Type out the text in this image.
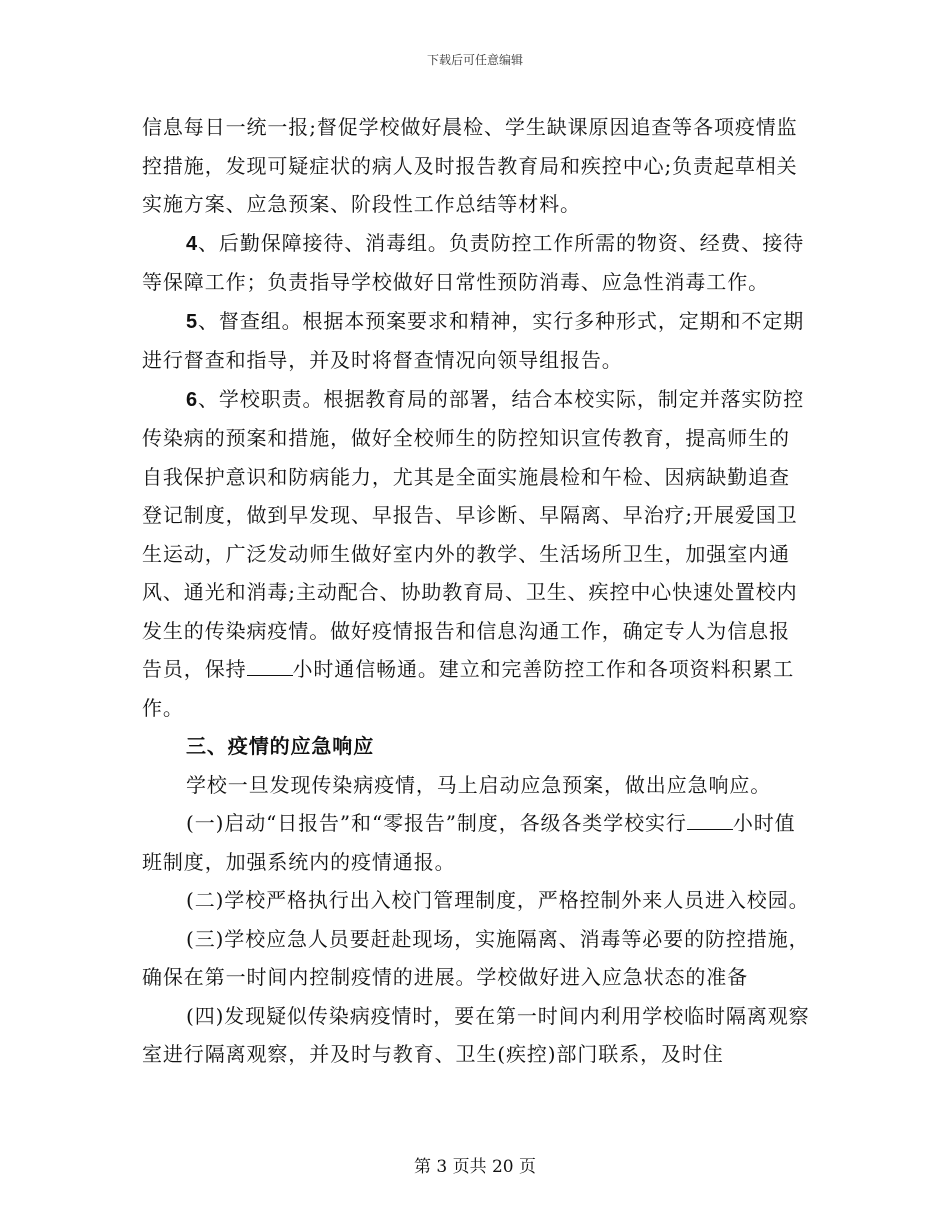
下载后可任意编辑

信息每日一统一报;督促学校做好晨检、学生缺课原因追查等各项疫情监控措施，发现可疑症状的病人及时报告教育局和疾控中心;负责起草相关实施方案、应急预案、阶段性工作总结等材料。

4、后勤保障接待、消毒组。负责防控工作所需的物资、经费、接待等保障工作；负责指导学校做好日常性预防消毒、应急性消毒工作。

5、督查组。根据本预案要求和精神，实行多种形式，定期和不定期进行督查和指导，并及时将督查情况向领导组报告。

6、学校职责。根据教育局的部署，结合本校实际，制定并落实防控传染病的预案和措施，做好全校师生的防控知识宣传教育，提高师生的自我保护意识和防病能力，尤其是全面实施晨检和午检、因病缺勤追查登记制度，做到早发现、早报告、早诊断、早隔离、早治疗;开展爱国卫生运动，广泛发动师生做好室内外的教学、生活场所卫生，加强室内通风、通光和消毒;主动配合、协助教育局、卫生、疾控中心快速处置校内发生的传染病疫情。做好疫情报告和信息沟通工作，确定专人为信息报告员，保持 小时通信畅通。建立和完善防控工作和各项资料积累工作。

三、疫情的应急响应

学校一旦发现传染病疫情，马上启动应急预案，做出应急响应。

(一)启动“日报告”和“零报告”制度，各级各类学校实行 小时值班制度，加强系统内的疫情通报。

(二)学校严格执行出入校门管理制度，严格控制外来人员进入校园。

(三)学校应急人员要赶赴现场，实施隔离、消毒等必要的防控措施，确保在第一时间内控制疫情的进展。学校做好进入应急状态的准备

(四)发现疑似传染病疫情时，要在第一时间内利用学校临时隔离观察室进行隔离观察，并及时与教育、卫生(疾控)部门联系，及时住

第 3 页共 20 页
